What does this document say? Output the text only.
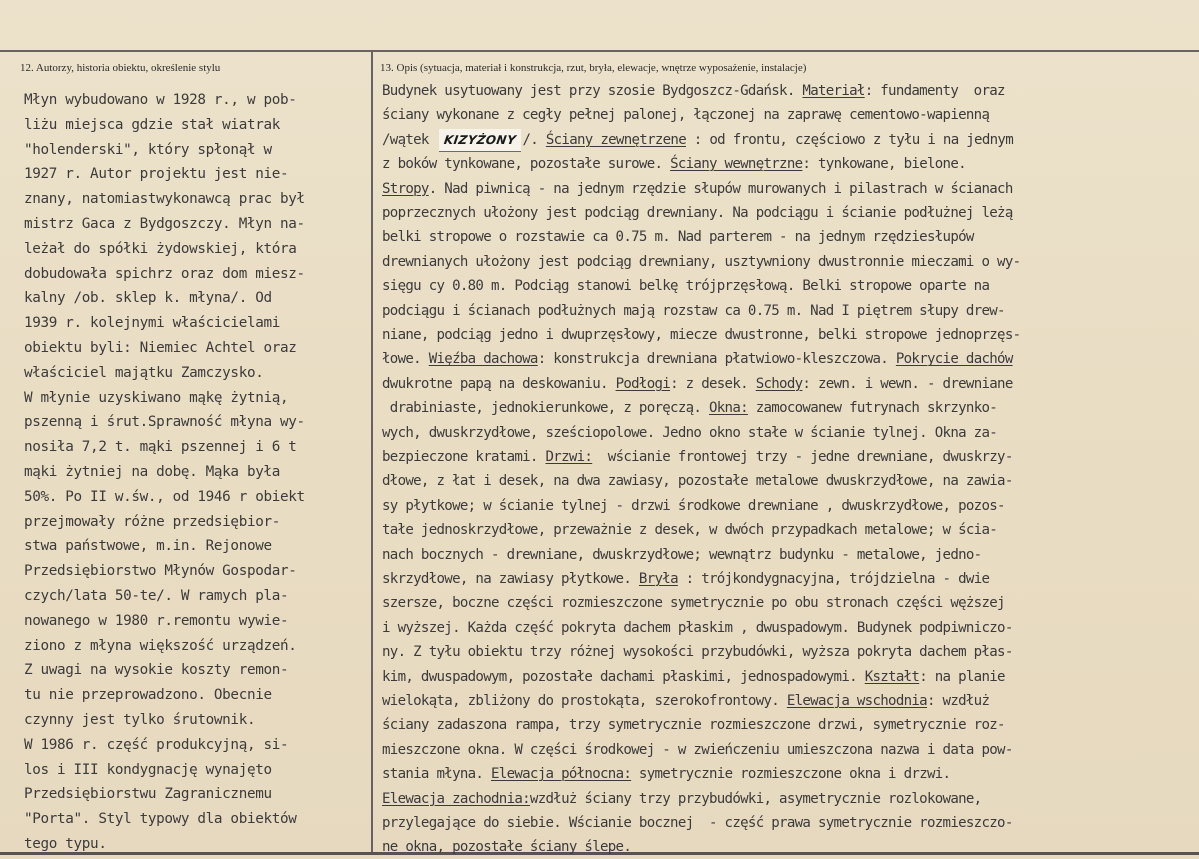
12. Autorzy, historia obiektu, określenie stylu	13. Opis (sytuacja, materiał i konstrukcja, rzut, bryła, elewacje, wnętrze wyposażenie, instalacje)
Młyn wybudowano w 1928 r., w pob-
liżu miejsca gdzie stał wiatrak
"holenderski", który spłonął w
1927 r. Autor projektu jest nie-
znany, natomiastwykonawcą prac był
mistrz Gaca z Bydgoszczy. Młyn na-
leżał do spółki żydowskiej, która
dobudowała spichrz oraz dom miesz-
kalny /ob. sklep k. młyna/. Od
1939 r. kolejnymi właścicielami
obiektu byli: Niemiec Achtel oraz
właściciel majątku Zamczysko.
W młynie uzyskiwano mąkę żytnią,
pszenną i śrut.Sprawność młyna wy-
nosiła 7,2 t. mąki pszennej i 6 t
mąki żytniej na dobę. Mąka była
50%. Po II w.św., od 1946 r obiekt
przejmowały różne przedsiębior-
stwa państwowe, m.in. Rejonowe
Przedsiębiorstwo Młynów Gospodar-
czych/lata 50-te/. W ramych pla-
nowanego w 1980 r.remontu wywie-
ziono z młyna większość urządzeń.
Z uwagi na wysokie koszty remon-
tu nie przeprowadzono. Obecnie
czynny jest tylko śrutownik.
W 1986 r. część produkcyjną, si-
los i III kondygnację wynajęto
Przedsiębiorstwu Zagranicznemu
"Porta". Styl typowy dla obiektów
tego typu.
Budynek usytuowany jest przy szosie Bydgoszcz-Gdańsk. Materiał: fundamenty  oraz
ściany wykonane z cegły pełnej palonej, łączonej na zaprawę cementowo-wapienną
/wątek KIZYŻONY /. Ściany zewnętrzene : od frontu, częściowo z tyłu i na jednym
z boków tynkowane, pozostałe surowe. Ściany wewnętrzne: tynkowane, bielone.
Stropy. Nad piwnicą - na jednym rzędzie słupów murowanych i pilastrach w ścianach
poprzecznych ułożony jest podciąg drewniany. Na podciągu i ścianie podłużnej leżą
belki stropowe o rozstawie ca 0.75 m. Nad parterem - na jednym rzędziesłupów
drewnianych ułożony jest podciąg drewniany, usztywniony dwustronnie mieczami o wy-
sięgu cy 0.80 m. Podciąg stanowi belkę trójprzęsłową. Belki stropowe oparte na
podciągu i ścianach podłużnych mają rozstaw ca 0.75 m. Nad I piętrem słupy drew-
niane, podciąg jedno i dwuprzęsłowy, miecze dwustronne, belki stropowe jednoprzęs-
łowe. Więźba dachowa: konstrukcja drewniana płatwiowo-kleszczowa. Pokrycie dachów
dwukrotne papą na deskowaniu. Podłogi: z desek. Schody: zewn. i wewn. - drewniane
drabiniaste, jednokierunkowe, z poręczą. Okna: zamocowanew futrynach skrzynko-
wych, dwuskrzydłowe, sześciopolowe. Jedno okno stałe w ścianie tylnej. Okna za-
bezpieczone kratami. Drzwi:  wścianie frontowej trzy - jedne drewniane, dwuskrzy-
dłowe, z łat i desek, na dwa zawiasy, pozostałe metalowe dwuskrzydłowe, na zawia-
sy płytkowe; w ścianie tylnej - drzwi środkowe drewniane , dwuskrzydłowe, pozos-
tałe jednoskrzydłowe, przeważnie z desek, w dwóch przypadkach metalowe; w ścia-
nach bocznych - drewniane, dwuskrzydłowe; wewnątrz budynku - metalowe, jedno-
skrzydłowe, na zawiasy płytkowe. Bryła : trójkondygnacyjna, trójdzielna - dwie
szersze, boczne części rozmieszczone symetrycznie po obu stronach części węższej
i wyższej. Każda część pokryta dachem płaskim , dwuspadowym. Budynek podpiwniczo-
ny. Z tyłu obiektu trzy różnej wysokości przybudówki, wyższa pokryta dachem płas-
kim, dwuspadowym, pozostałe dachami płaskimi, jednospadowymi. Kształt: na planie
wielokąta, zbliżony do prostokąta, szerokofrontowy. Elewacja wschodnia: wzdłuż
ściany zadaszona rampa, trzy symetrycznie rozmieszczone drzwi, symetrycznie roz-
mieszczone okna. W części środkowej - w zwieńczeniu umieszczona nazwa i data pow-
stania młyna. Elewacja północna: symetrycznie rozmieszczone okna i drzwi.
Elewacja zachodnia:wzdłuż ściany trzy przybudówki, asymetrycznie rozlokowane,
przylegające do siebie. Wścianie bocznej  - część prawa symetrycznie rozmieszczo-
ne okna, pozostałe ściany ślepe.
